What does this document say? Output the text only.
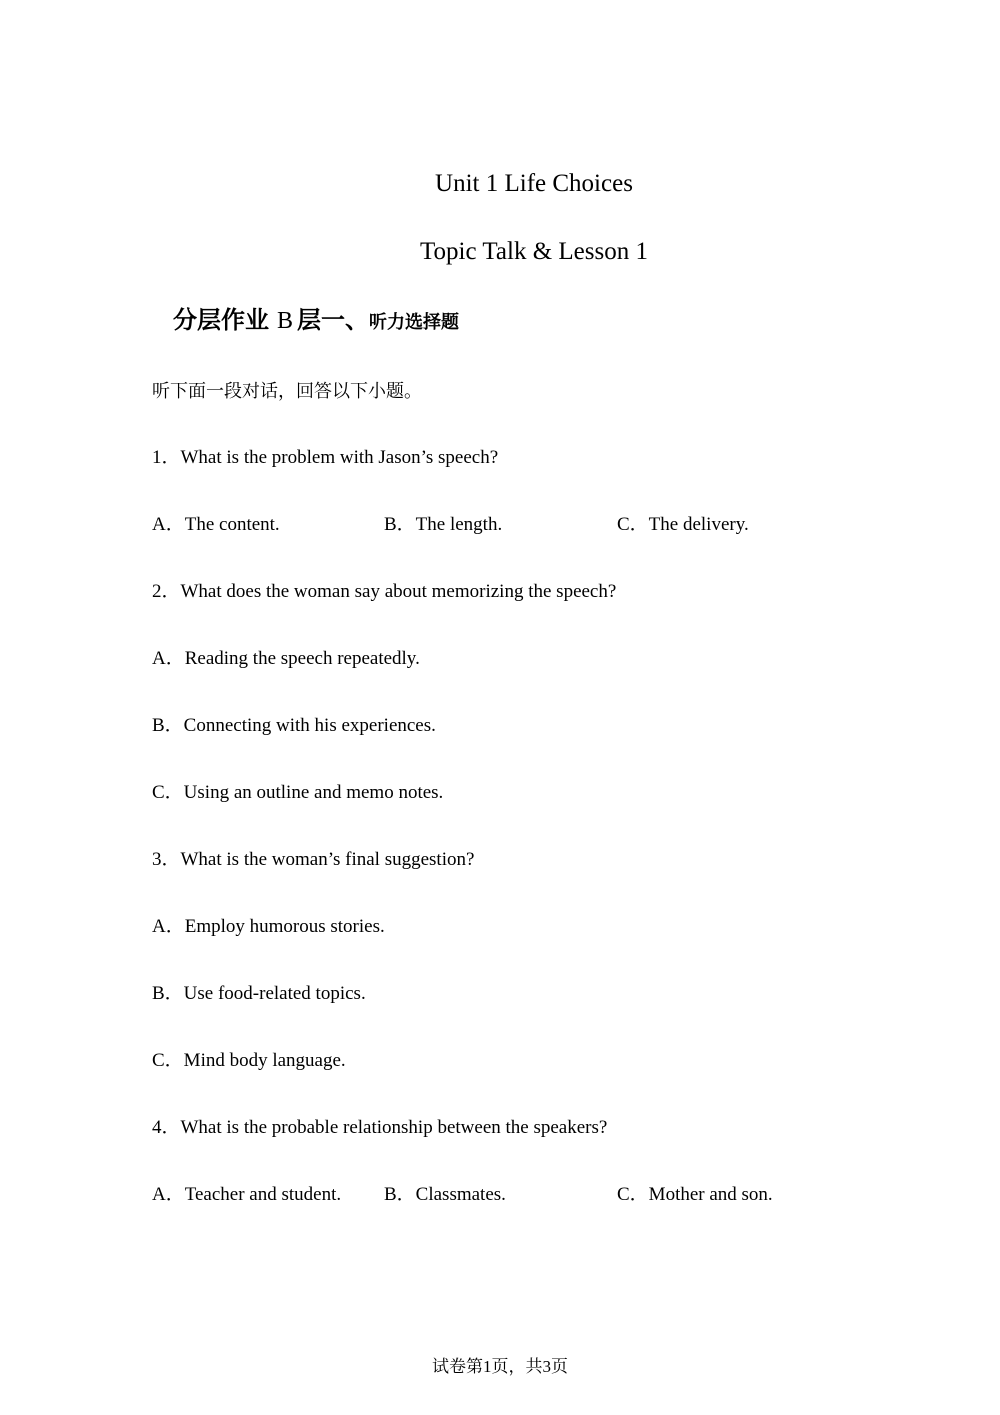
Unit 1 Life Choices
Topic Talk & Lesson 1
分层作业 B 层一、听力选择题
听下面一段对话，回答以下小题。
1．What is the problem with Jason’s speech?
A．The content.	B．The length.	C．The delivery.
2．What does the woman say about memorizing the speech?
A．Reading the speech repeatedly.
B．Connecting with his experiences.
C．Using an outline and memo notes.
3．What is the woman’s final suggestion?
A．Employ humorous stories.
B．Use food-related topics.
C．Mind body language.
4．What is the probable relationship between the speakers?
A．Teacher and student. B．Classmates.	C．Mother and son.
试卷第1页，共3页
